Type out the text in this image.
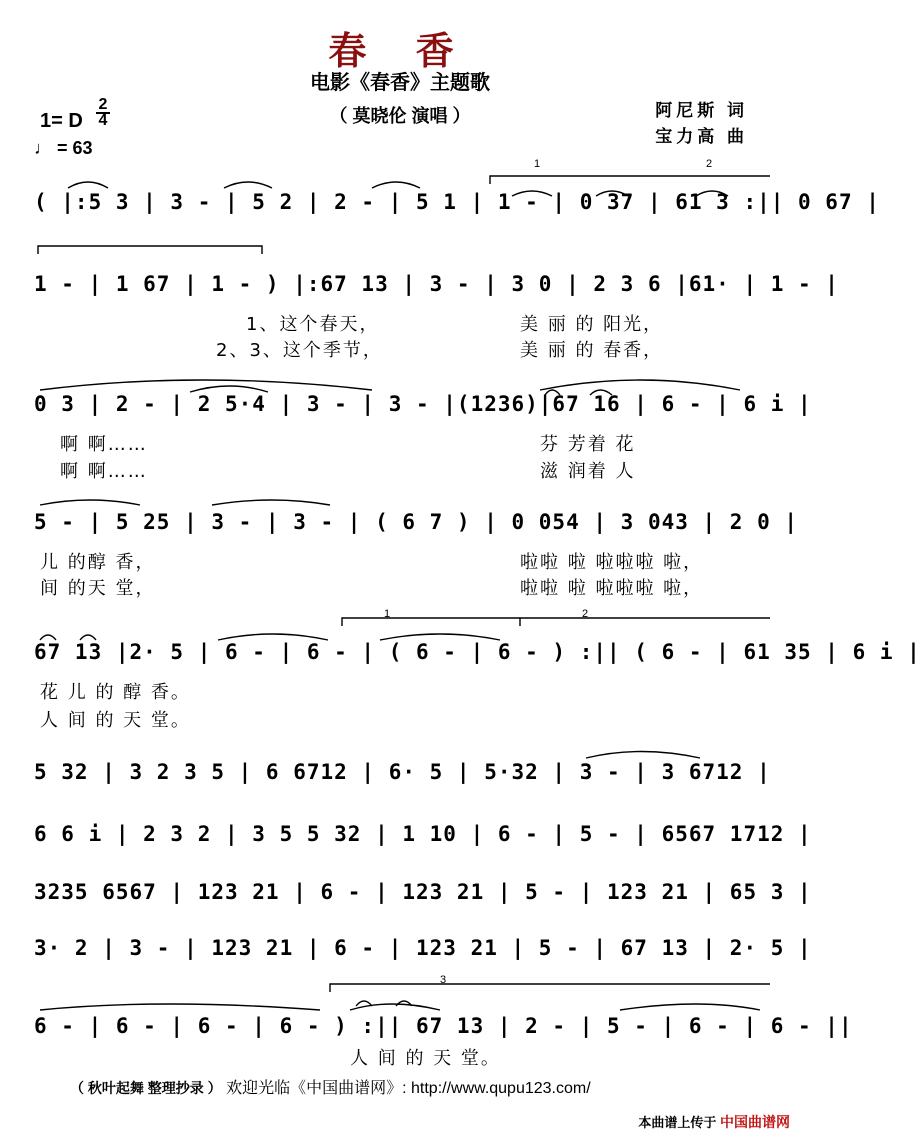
春 香
电影《春香》主题歌
（ 莫晓伦 演唱 ）	阿尼斯 词
宝力高 曲
1= D $\frac{2}{4}$
♩ = 63
1	2
1	2
3
( |:5 3 | 3 - | 5 2 | 2 - | 5 1 | 1 - | 0 37 | 61 3 :|| 0 67 |
1 - | 1 67 | 1 - ) |:67 13 | 3 - | 3 0 | 2 3 6 |61· | 1 - |
1、这个春天，	美 丽 的 阳光，
2、3、这个季节，	美 丽 的 春香，
0 3 | 2 - | 2 5·4 | 3 - | 3 - |(1236)|67 16 | 6 - | 6 i |
啊 啊……	芬 芳着 花
啊 啊……	滋 润着 人
5 - | 5 25 | 3 - | 3 - | ( 6 7 ) | 0 054 | 3 043 | 2 0 |
儿 的醇 香，	啦啦 啦 啦啦啦 啦，
间 的天 堂，	啦啦 啦 啦啦啦 啦，
67 13 |2· 5 | 6 - | 6 - | ( 6 - | 6 - ) :|| ( 6 - | 61 35 | 6 i |
花 儿 的 醇 香。
人 间 的 天 堂。
5 32 | 3 2 3 5 | 6 6712 | 6· 5 | 5·32 | 3 - | 3 6712 |
6 6 i | 2 3 2 | 3 5 5 32 | 1 10 | 6 - | 5 - | 6567 1712 |
3235 6567 | 123 21 | 6 - | 123 21 | 5 - | 123 21 | 65 3 |
3· 2 | 3 - | 123 21 | 6 - | 123 21 | 5 - | 67 13 | 2· 5 |
6 - | 6 - | 6 - | 6 - ) :|| 67 13 | 2 - | 5 - | 6 - | 6 - ||
人 间 的 天 堂。
（ 秋叶起舞 整理抄录 ） 欢迎光临《中国曲谱网》: http://www.qupu123.com/
本曲谱上传于 中国曲谱网
